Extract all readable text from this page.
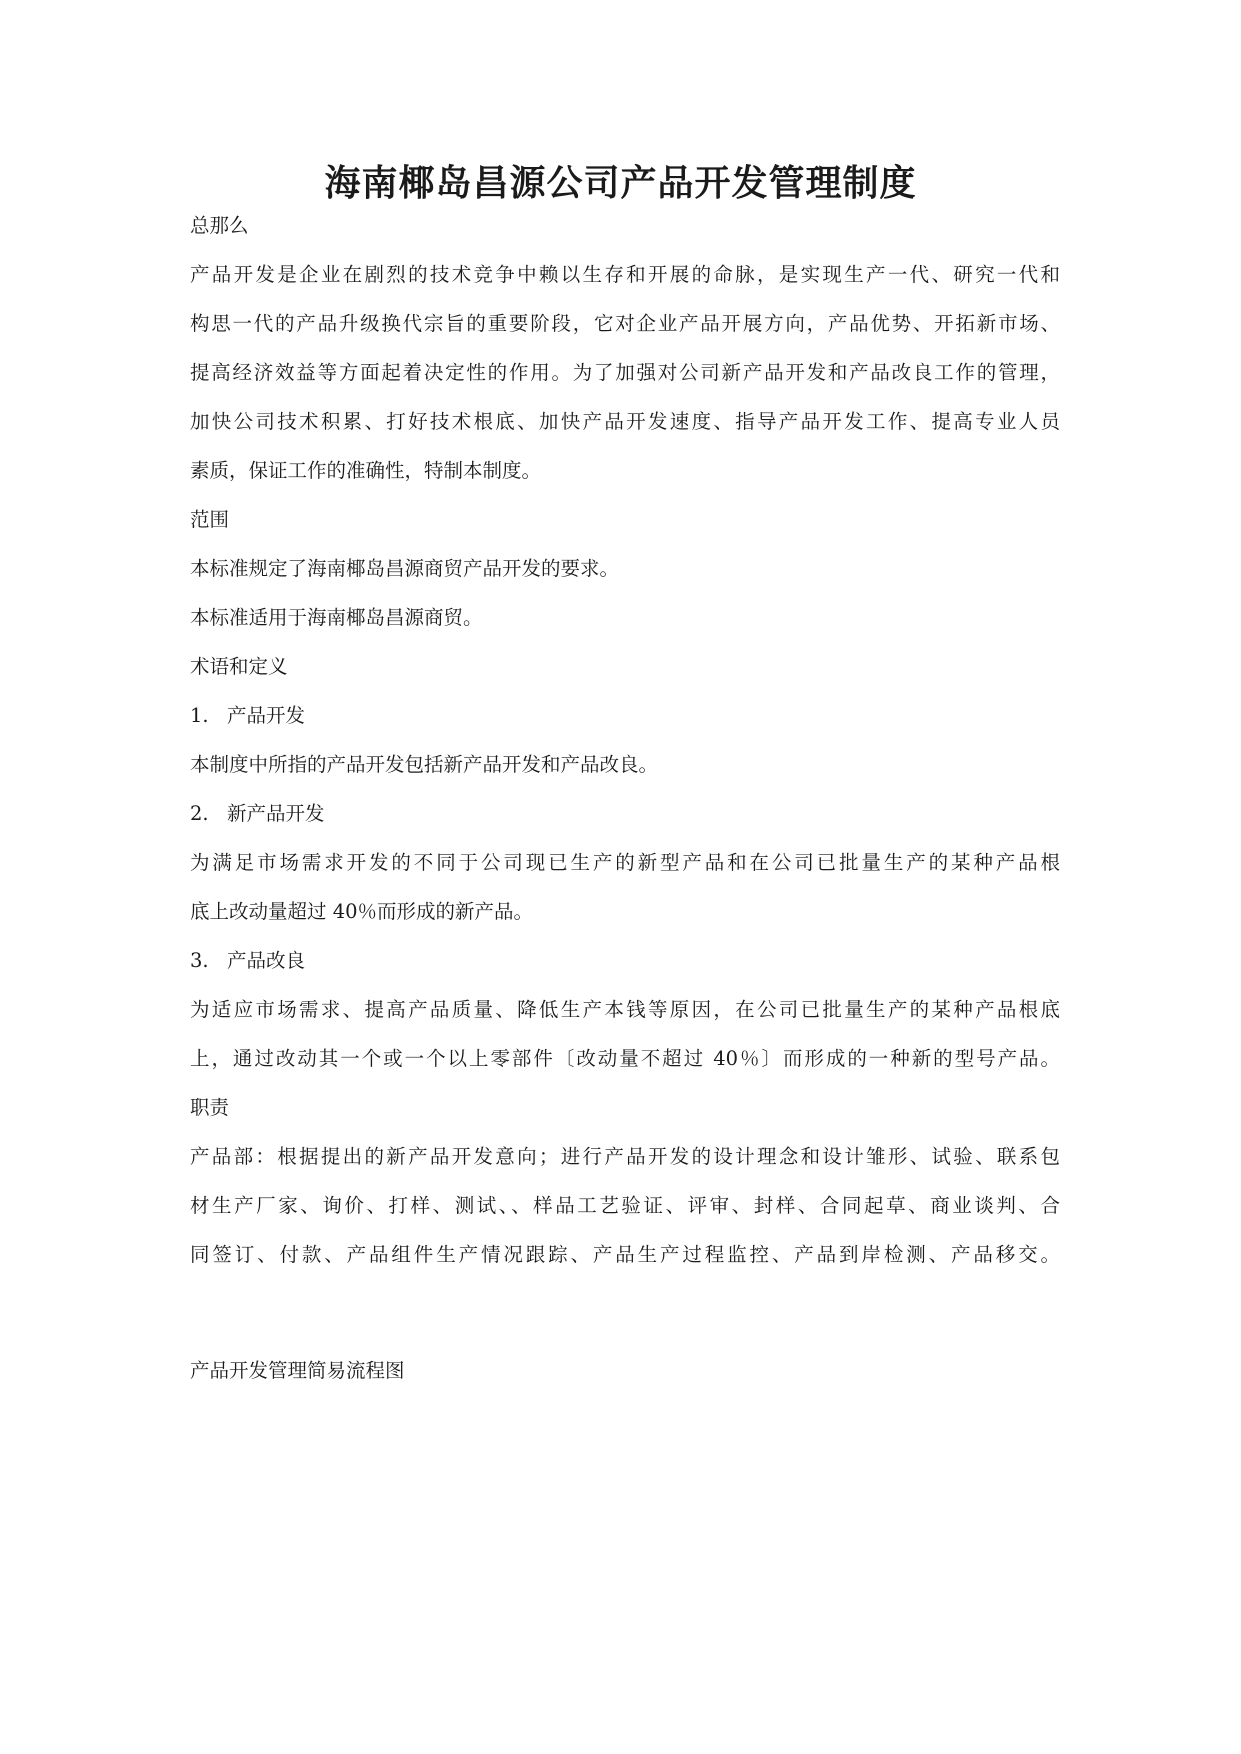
海南椰岛昌源公司产品开发管理制度
总那么
产品开发是企业在剧烈的技术竞争中赖以生存和开展的命脉，是实现生产一代、研究一代和
构思一代的产品升级换代宗旨的重要阶段，它对企业产品开展方向，产品优势、开拓新市场、
提高经济效益等方面起着决定性的作用。为了加强对公司新产品开发和产品改良工作的管理，
加快公司技术积累、打好技术根底、加快产品开发速度、指导产品开发工作、提高专业人员
素质，保证工作的准确性，特制本制度。
范围
本标准规定了海南椰岛昌源商贸产品开发的要求。
本标准适用于海南椰岛昌源商贸。
术语和定义
1. 产品开发
本制度中所指的产品开发包括新产品开发和产品改良。
2. 新产品开发
为满足市场需求开发的不同于公司现已生产的新型产品和在公司已批量生产的某种产品根
底上改动量超过 40％而形成的新产品。
3. 产品改良
为适应市场需求、提高产品质量、降低生产本钱等原因，在公司已批量生产的某种产品根底
上，通过改动其一个或一个以上零部件〔改动量不超过 40％〕而形成的一种新的型号产品。
职责
产品部：根据提出的新产品开发意向；进行产品开发的设计理念和设计雏形、试验、联系包
材生产厂家、询价、打样、测试、、样品工艺验证、评审、封样、合同起草、商业谈判、合
同签订、付款、产品组件生产情况跟踪、产品生产过程监控、产品到岸检测、产品移交。
产品开发管理简易流程图
